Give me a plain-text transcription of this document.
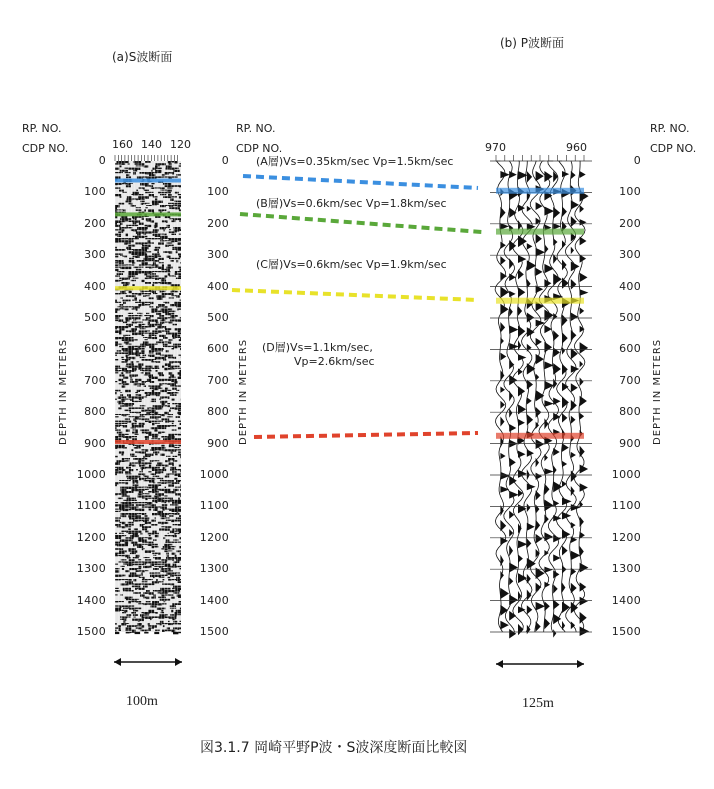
(a)S波断面
(b) P波断面
RP. NO.
CDP NO.
RP. NO.
CDP NO.
RP. NO.
CDP NO.
160 140 120	970	960
DEPTH IN METERS	DEPTH IN METERS	DEPTH IN METERS
0
100
200
300
400
500
600
700
800
900
1000
1100
1200
1300
1400
1500
0
100
200
300
400
500
600
700
800
900
1000
1100
1200
1300
1400
1500
0
100
200
300
400
500
600
700
800
900
1000
1100
1200
1300
1400
1500
(A層)Vs=0.35km/sec Vp=1.5km/sec
(B層)Vs=0.6km/sec Vp=1.8km/sec
(C層)Vs=0.6km/sec Vp=1.9km/sec
(D層)Vs=1.1km/sec,
Vp=2.6km/sec
100m	125m
図3.1.7 岡崎平野P波・S波深度断面比較図
